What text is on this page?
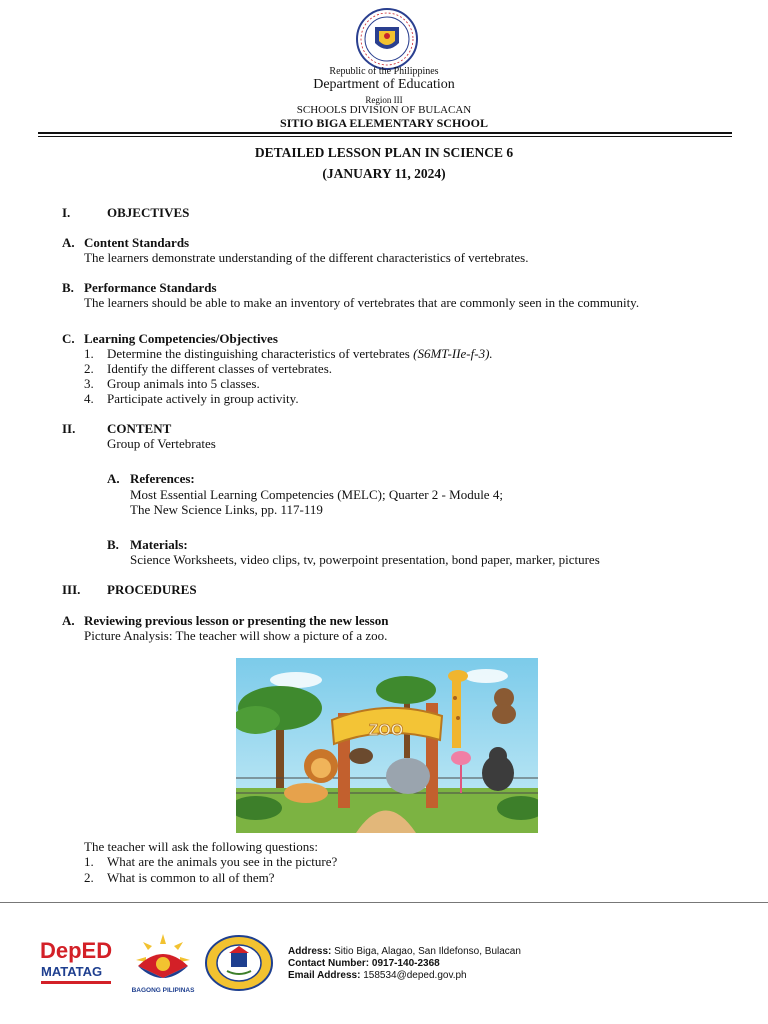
Republic of the Philippines
Department of Education
Region III
SCHOOLS DIVISION OF BULACAN
SITIO BIGA ELEMENTARY SCHOOL
DETAILED LESSON PLAN IN SCIENCE 6
(JANUARY 11, 2024)
I.	OBJECTIVES
A. Content Standards
The learners demonstrate understanding of the different characteristics of vertebrates.
B. Performance Standards
The learners should be able to make an inventory of vertebrates that are commonly seen in the community.
C. Learning Competencies/Objectives
1. Determine the distinguishing characteristics of vertebrates (S6MT-IIe-f-3).
2. Identify the different classes of vertebrates.
3. Group animals into 5 classes.
4. Participate actively in group activity.
II. CONTENT
Group of Vertebrates
A. References:
Most Essential Learning Competencies (MELC); Quarter 2 - Module 4;
The New Science Links, pp. 117-119
B. Materials:
Science Worksheets, video clips, tv, powerpoint presentation, bond paper, marker, pictures
III. PROCEDURES
A. Reviewing previous lesson or presenting the new lesson
Picture Analysis: The teacher will show a picture of a zoo.
ZOO
The teacher will ask the following questions:
1. What are the animals you see in the picture?
2. What is common to all of them?
DepED
MATATAG
BAGONG PILIPINAS
Address: Sitio Biga, Alagao, San Ildefonso, Bulacan
Contact Number: 0917-140-2368
Email Address: 158534@deped.gov.ph
